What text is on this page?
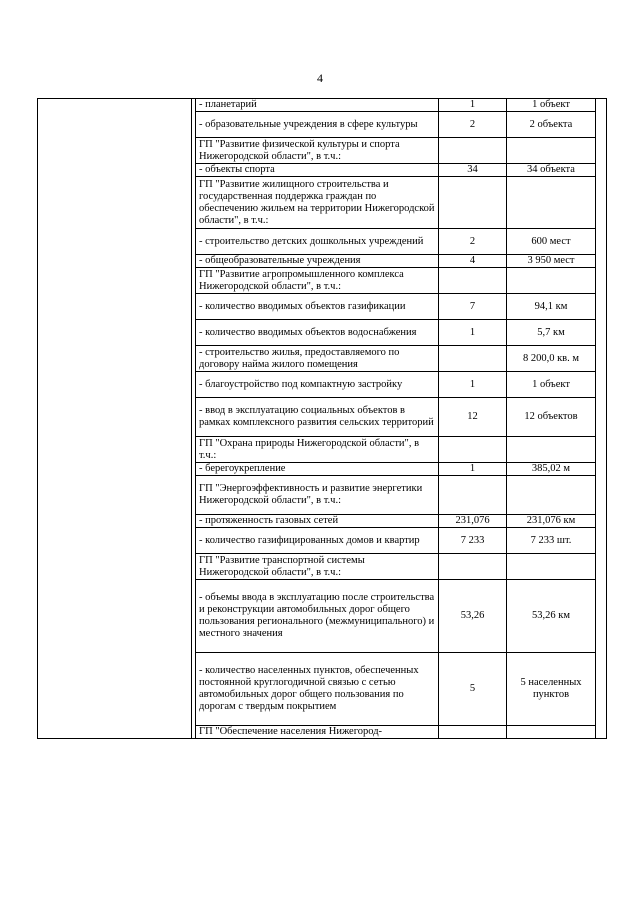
4
		- планетарий	1	1 объект	
		- образовательные учреждения в сфере культуры	2	2 объекта	
		ГП "Развитие физической культуры и спорта Нижегородской области", в т.ч.:			
		- объекты спорта	34	34 объекта	
		ГП "Развитие жилищного строительства и государственная поддержка граждан по обеспечению жильем на территории Нижегородской области", в т.ч.:			
		- строительство детских дошкольных учреждений	2	600 мест	
		- общеобразовательные учреждения	4	3 950 мест	
		ГП "Развитие агропромышленного комплекса Нижегородской области", в т.ч.:			
		- количество вводимых объектов газификации	7	94,1 км	
		- количество вводимых объектов водоснабжения	1	5,7 км	
		- строительство жилья, предоставляемого по договору найма жилого помещения		8 200,0 кв. м	
		- благоустройство под компактную застройку	1	1 объект	
		- ввод в эксплуатацию социальных объектов в рамках комплексного развития сельских территорий	12	12 объектов	
		ГП "Охрана природы Нижегородской области", в т.ч.:			
		- берегоукрепление	1	385,02 м	
		ГП "Энергоэффективность и развитие энергетики Нижегородской области", в т.ч.:			
		- протяженность газовых сетей	231,076	231,076 км	
		- количество газифицированных домов и квартир	7 233	7 233 шт.	
		ГП "Развитие транспортной системы Нижегородской области", в т.ч.:			
		- объемы ввода в эксплуатацию после строительства и реконструкции автомобильных дорог общего пользования регионального (межмуниципального) и местного значения	53,26	53,26 км	
		- количество населенных пунктов, обеспеченных постоянной круглогодичной связью с сетью автомобильных дорог общего пользования по дорогам с твердым покрытием	5	5 населенных пунктов	
		ГП "Обеспечение населения Нижегород-			
